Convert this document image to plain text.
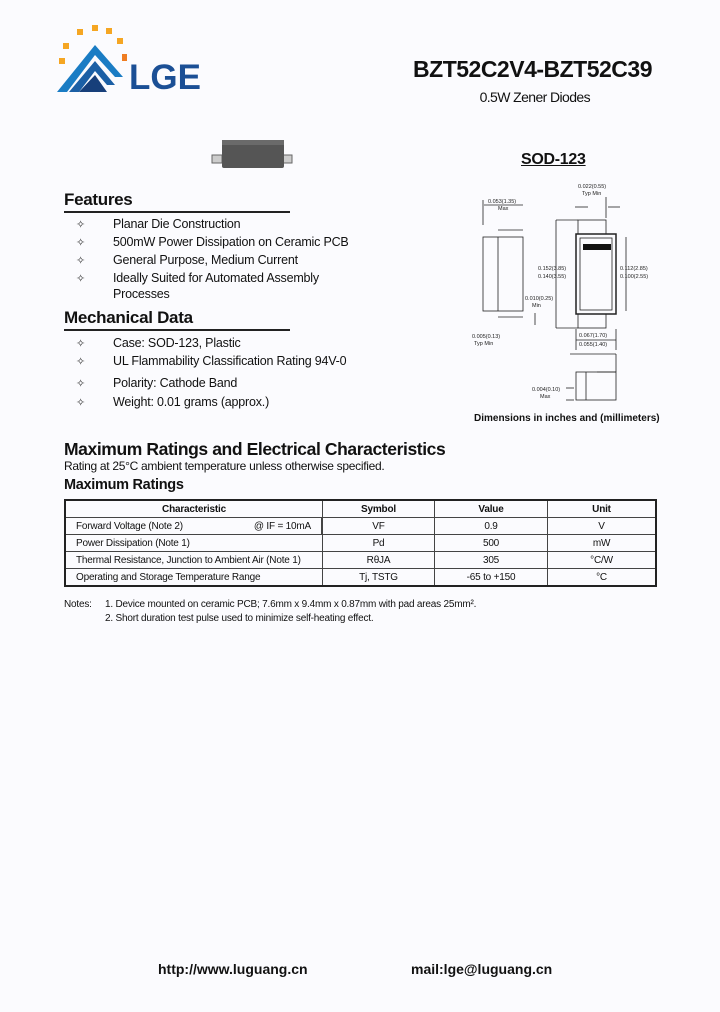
LGE	BZT52C2V4-BZT52C39
0.5W Zener Diodes
SOD-123
0.053(1.35)
Max
0.022(0.55)
Typ Min
0.152(3.85)
0.140(3.55)
0.112(2.85)
0.100(2.55)
0.010(0.25)
Min
0.005(0.13)
Typ Min
0.067(1.70)
0.055(1.40)
0.004(0.10)
Max
Dimensions in inches and (millimeters)
Features
✧ Planar Die Construction
✧ 500mW Power Dissipation on Ceramic PCB
✧ General Purpose, Medium Current
✧ Ideally Suited for Automated Assembly
Processes
Mechanical Data
✧ Case: SOD-123, Plastic
✧ UL Flammability Classification Rating 94V-0
✧ Polarity: Cathode Band
✧ Weight: 0.01 grams (approx.)
Maximum Ratings and Electrical Characteristics
Rating at 25°C ambient temperature unless otherwise specified.
Maximum Ratings
Characteristic	Symbol	Value	Unit

Forward Voltage (Note 2)	@ IF = 10mA	VF	0.9	V
Power Dissipation (Note 1)	Pd	500	mW
Thermal Resistance, Junction to Ambient Air (Note 1)	RθJA	305	°C/W
Operating and Storage Temperature Range	Tj, TSTG	-65 to +150	°C
Notes: 1. Device mounted on ceramic PCB; 7.6mm x 9.4mm x 0.87mm with pad areas 25mm².
2. Short duration test pulse used to minimize self-heating effect.
http://www.luguang.cn	mail:lge@luguang.cn
